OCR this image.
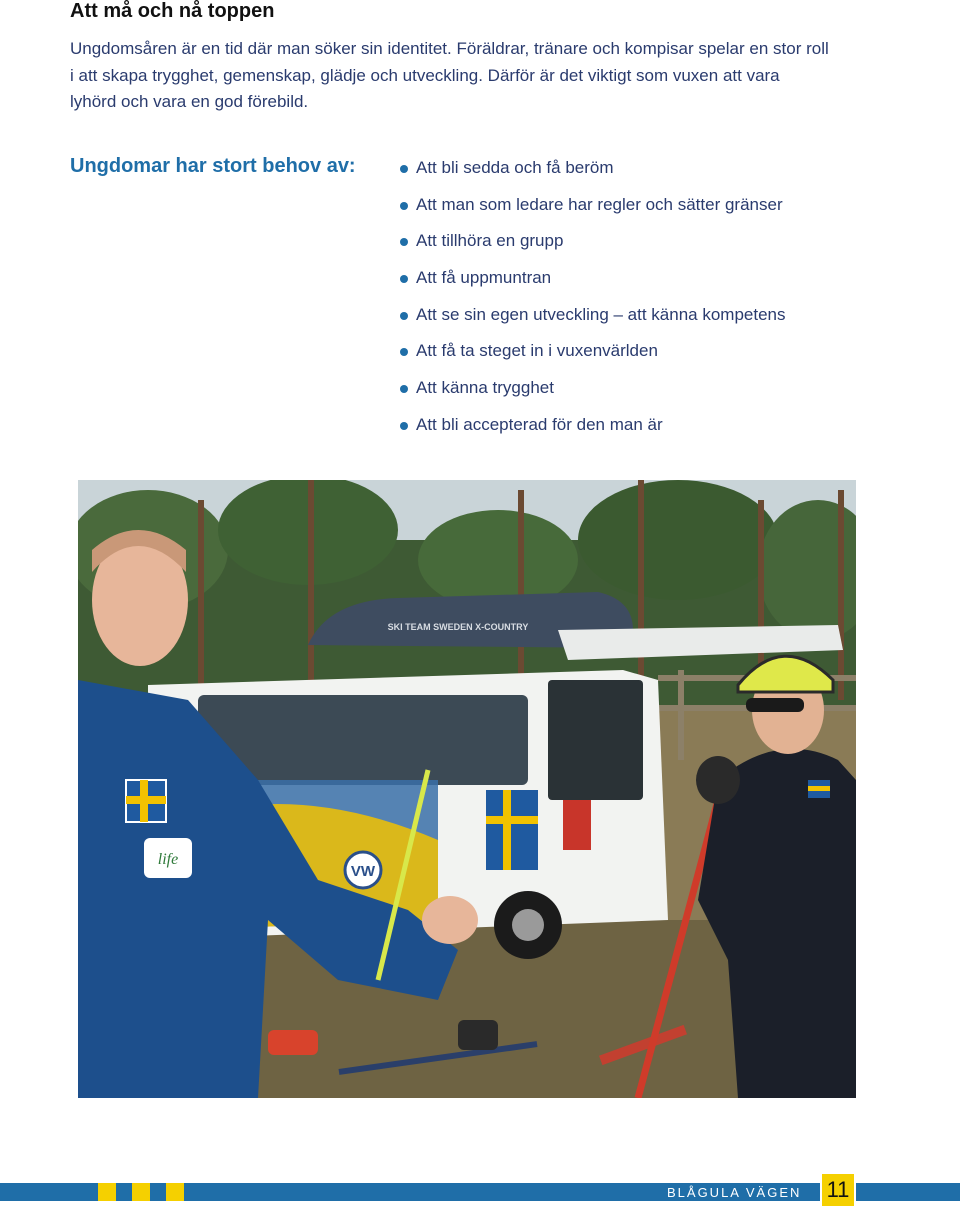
Att må och nå toppen

Ungdomsåren är en tid där man söker sin identitet. Föräldrar, tränare och kompisar spelar en stor roll i att skapa trygghet, gemenskap, glädje och utveckling. Därför är det viktigt som vuxen att vara lyhörd och vara en god förebild.

Ungdomar har stort behov av:	Att bli sedda och få beröm
Att man som ledare har regler och sätter gränser
Att tillhöra en grupp
Att få uppmuntran
Att se sin egen utveckling – att känna kompetens
Att få ta steget in i vuxenvärlden
Att känna trygghet
Att bli accepterad för den man är
VW
SKI TEAM SWEDEN X-COUNTRY
life
BLÅGULA VÄGEN	11
